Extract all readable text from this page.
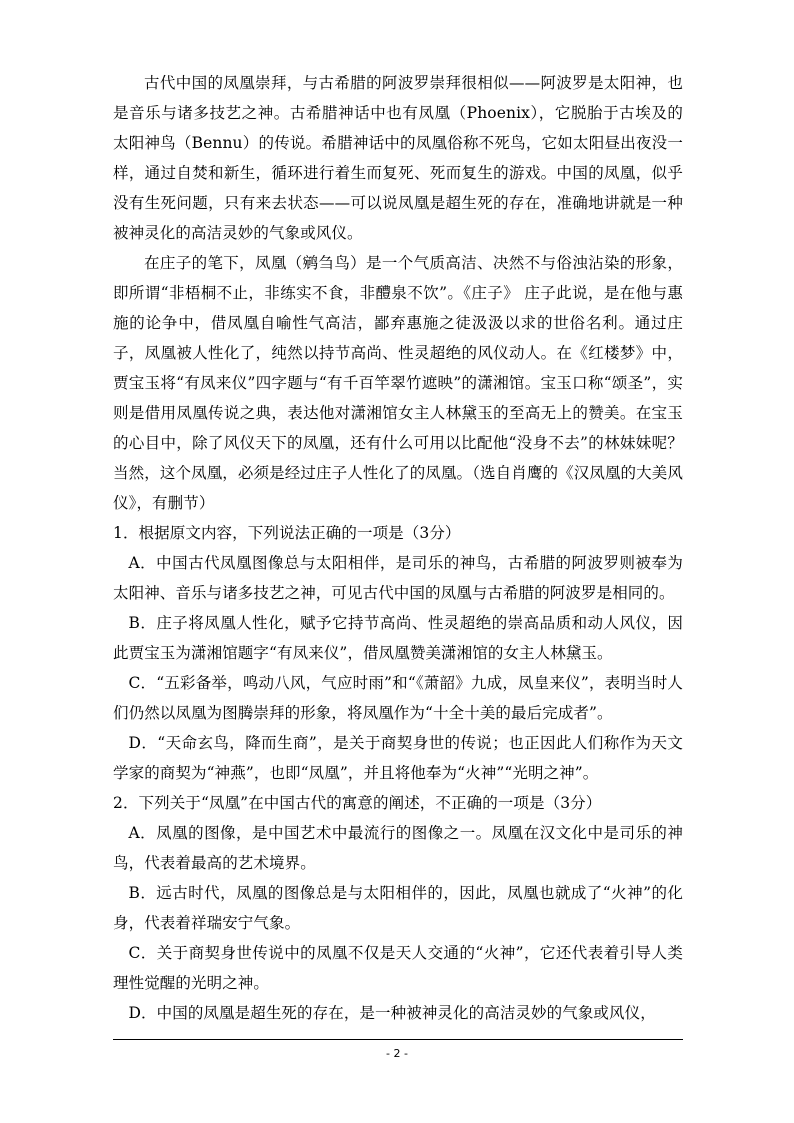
古代中国的凤凰崇拜，与古希腊的阿波罗崇拜很相似——阿波罗是太阳神，也是音乐与诸多技艺之神。古希腊神话中也有凤凰（Phoenix），它脱胎于古埃及的太阳神鸟（Bennu）的传说。希腊神话中的凤凰俗称不死鸟，它如太阳昼出夜没一样，通过自焚和新生，循环进行着生而复死、死而复生的游戏。中国的凤凰，似乎没有生死问题，只有来去状态——可以说凤凰是超生死的存在，准确地讲就是一种被神灵化的高洁灵妙的气象或风仪。

在庄子的笔下，凤凰（鹓刍鸟）是一个气质高洁、决然不与俗浊沾染的形象，即所谓“非梧桐不止，非练实不食，非醴泉不饮”。《庄子》 庄子此说，是在他与惠施的论争中，借凤凰自喻性气高洁，鄙弃惠施之徒汲汲以求的世俗名利。通过庄子，凤凰被人性化了，纯然以持节高尚、性灵超绝的风仪动人。在《红楼梦》中，贾宝玉将“有凤来仪”四字题与“有千百竿翠竹遮映”的潇湘馆。宝玉口称“颂圣”，实则是借用凤凰传说之典，表达他对潇湘馆女主人林黛玉的至高无上的赞美。在宝玉的心目中，除了风仪天下的凤凰，还有什么可用以比配他“没身不去”的林妹妹呢？当然，这个凤凰，必须是经过庄子人性化了的凤凰。（选自肖鹰的《汉凤凰的大美风仪》，有删节）

1．根据原文内容，下列说法正确的一项是（3分）

A．中国古代凤凰图像总与太阳相伴，是司乐的神鸟，古希腊的阿波罗则被奉为太阳神、音乐与诸多技艺之神，可见古代中国的凤凰与古希腊的阿波罗是相同的。

B．庄子将凤凰人性化，赋予它持节高尚、性灵超绝的崇高品质和动人风仪，因此贾宝玉为潇湘馆题字“有凤来仪”，借凤凰赞美潇湘馆的女主人林黛玉。

C．“五彩备举，鸣动八风，气应时雨”和“《萧韶》九成，凤皇来仪”，表明当时人们仍然以凤凰为图腾崇拜的形象，将凤凰作为“十全十美的最后完成者”。

D．“天命玄鸟，降而生商”，是关于商契身世的传说；也正因此人们称作为天文学家的商契为“神燕”，也即“凤凰”，并且将他奉为“火神”“光明之神”。

2．下列关于“凤凰”在中国古代的寓意的阐述，不正确的一项是（3分）

A．凤凰的图像，是中国艺术中最流行的图像之一。凤凰在汉文化中是司乐的神鸟，代表着最高的艺术境界。

B．远古时代，凤凰的图像总是与太阳相伴的，因此，凤凰也就成了“火神”的化身，代表着祥瑞安宁气象。

C．关于商契身世传说中的凤凰不仅是天人交通的“火神”，它还代表着引导人类理性觉醒的光明之神。

D．中国的凤凰是超生死的存在，是一种被神灵化的高洁灵妙的气象或风仪，

- 2 -
